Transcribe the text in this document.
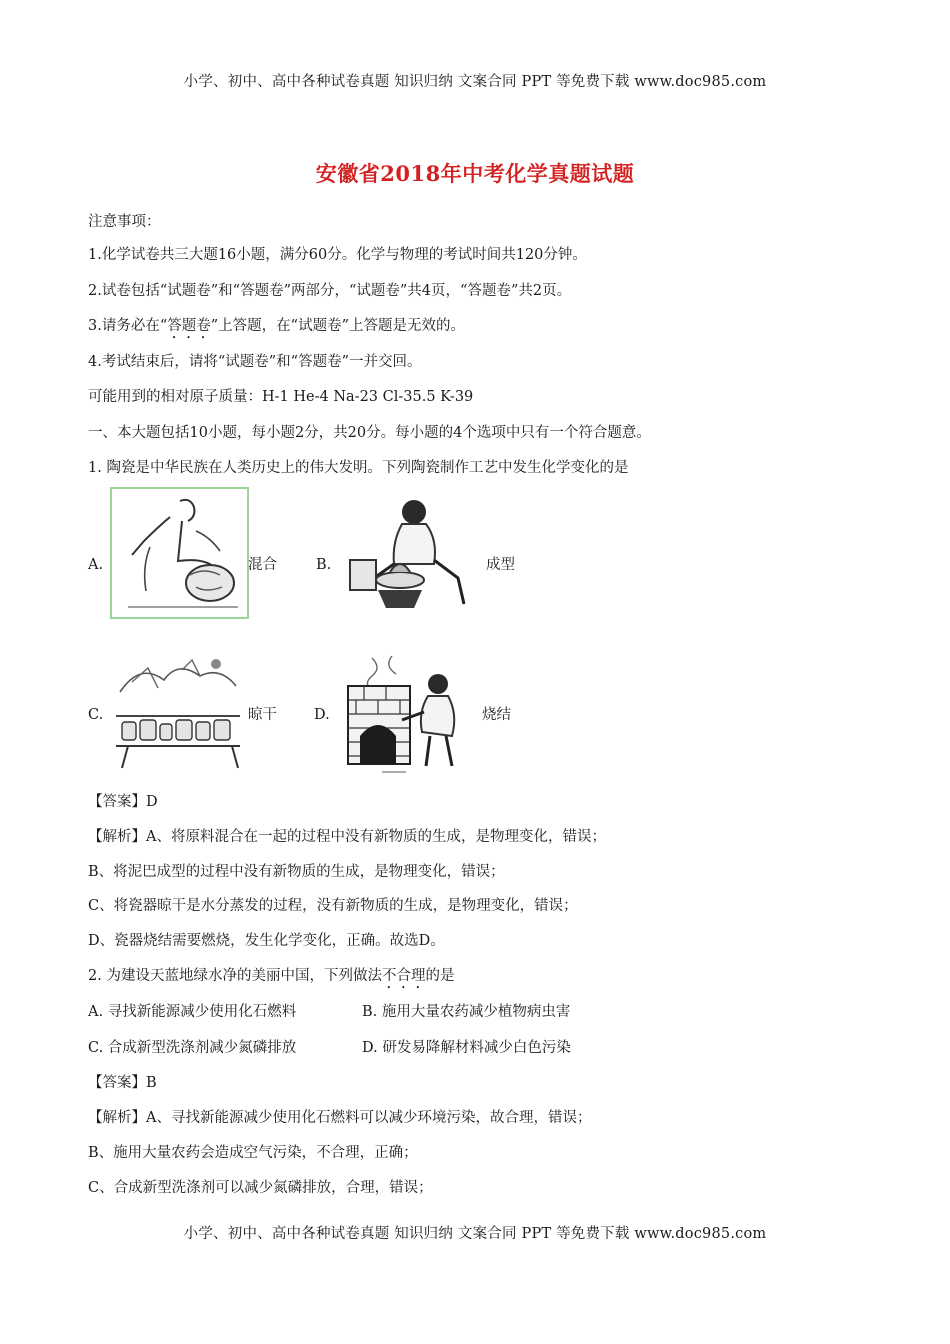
小学、初中、高中各种试卷真题 知识归纳 文案合同 PPT 等免费下载 www.doc985.com
安徽省2018年中考化学真题试题
注意事项：
1.化学试卷共三大题16小题，满分60分。化学与物理的考试时间共120分钟。
2.试卷包括“试题卷”和“答题卷”两部分，“试题卷”共4页，“答题卷”共2页。
3.请务必在“答题卷”上答题，在“试题卷”上答题是无效的。
4.考试结束后，请将“试题卷”和“答题卷”一并交回。
可能用到的相对原子质量：H-1 He-4 Na-23 Cl-35.5 K-39
一、本大题包括10小题，每小题2分，共20分。每小题的4个选项中只有一个符合题意。
1. 陶瓷是中华民族在人类历史上的伟大发明。下列陶瓷制作工艺中发生化学变化的是
A.	混合	B.	成型
C.	晾干	D.	烧结
【答案】D
【解析】A、将原料混合在一起的过程中没有新物质的生成，是物理变化，错误；
B、将泥巴成型的过程中没有新物质的生成，是物理变化，错误；
C、将瓷器晾干是水分蒸发的过程，没有新物质的生成，是物理变化，错误；
D、瓷器烧结需要燃烧，发生化学变化，正确。故选D。
2. 为建设天蓝地绿水净的美丽中国，下列做法不合理的是
A. 寻找新能源减少使用化石燃料	B. 施用大量农药减少植物病虫害
C. 合成新型洗涤剂减少氮磷排放	D. 研发易降解材料减少白色污染
【答案】B
【解析】A、寻找新能源减少使用化石燃料可以减少环境污染，故合理，错误；
B、施用大量农药会造成空气污染，不合理，正确；
C、合成新型洗涤剂可以减少氮磷排放，合理，错误；
小学、初中、高中各种试卷真题 知识归纳 文案合同 PPT 等免费下载 www.doc985.com
